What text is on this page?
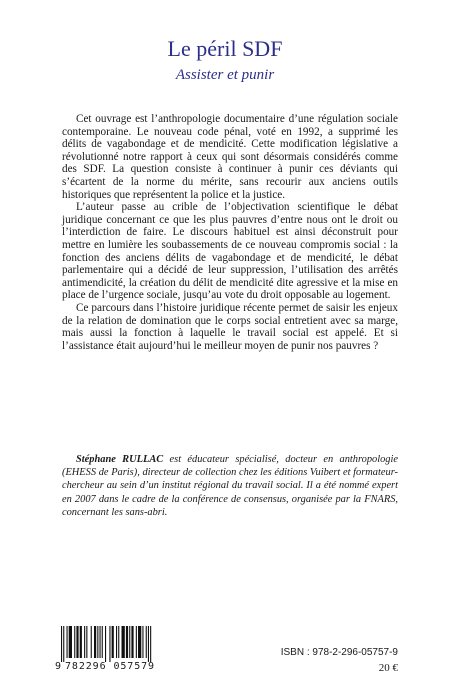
Le péril SDF
Assister et punir

Cet ouvrage est l’anthropologie documentaire d’une régulation sociale contemporaine. Le nouveau code pénal, voté en 1992, a supprimé les délits de vagabondage et de mendicité. Cette modification législative a révolutionné notre rapport à ceux qui sont désormais considérés comme des SDF. La question consiste à continuer à punir ces déviants qui s’écartent de la norme du mérite, sans recourir aux anciens outils historiques que représentent la police et la justice.

L’auteur passe au crible de l’objectivation scientifique le débat juridique concernant ce que les plus pauvres d’entre nous ont le droit ou l’interdiction de faire. Le discours habituel est ainsi déconstruit pour mettre en lumière les soubassements de ce nouveau compromis social : la fonction des anciens délits de vagabondage et de mendicité, le débat parlementaire qui a décidé de leur suppression, l’utilisation des arrêtés antimendicité, la création du délit de mendicité dite agressive et la mise en place de l’urgence sociale, jusqu’au vote du droit opposable au logement.

Ce parcours dans l’histoire juridique récente permet de saisir les enjeux de la relation de domination que le corps social entretient avec sa marge, mais aussi la fonction à laquelle le travail social est appelé. Et si l’assistance était aujourd’hui le meilleur moyen de punir nos pauvres ?

Stéphane RULLAC est éducateur spécialisé, docteur en anthropologie (EHESS de Paris), directeur de collection chez les éditions Vuibert et formateur-chercheur au sein d’un institut régional du travail social. Il a été nommé expert en 2007 dans le cadre de la conférence de consensus, organisée par la FNARS, concernant les sans-abri.

9 782296 057579
ISBN : 978-2-296-05757-9
20 €
